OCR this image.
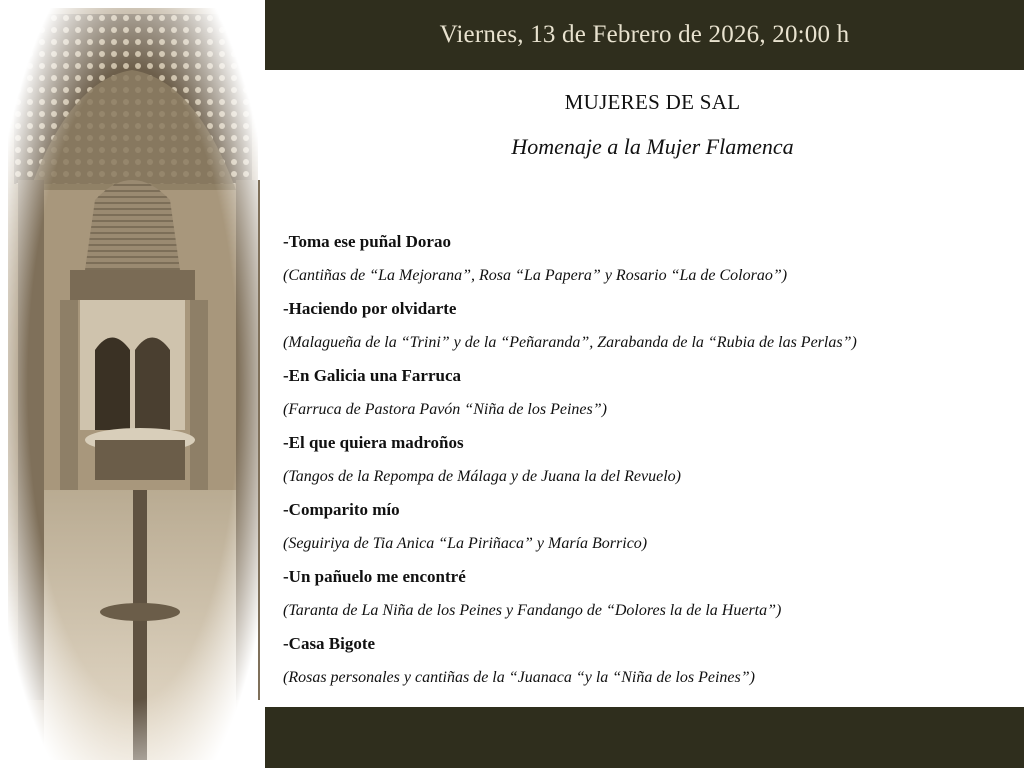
Viernes, 13 de Febrero de 2026, 20:00 h
MUJERES DE SAL
Homenaje a la Mujer Flamenca
-Toma ese puñal Dorao
(Cantiñas de “La Mejorana”, Rosa “La Papera” y Rosario “La de Colorao”)
-Haciendo por olvidarte
(Malagueña de la “Trini” y de la “Peñaranda”, Zarabanda de la “Rubia de las Perlas”)
-En Galicia una Farruca
(Farruca de Pastora Pavón “Niña de los Peines”)
-El que quiera madroños
(Tangos de la Repompa de Málaga y de Juana la del Revuelo)
-Comparito mío
(Seguiriya de Tia Anica “La Piriñaca” y María Borrico)
-Un pañuelo me encontré
(Taranta de La Niña de los Peines y Fandango de “Dolores la de la Huerta”)
-Casa Bigote
(Rosas personales y cantiñas de la “Juanaca “y la “Niña de los Peines”)
